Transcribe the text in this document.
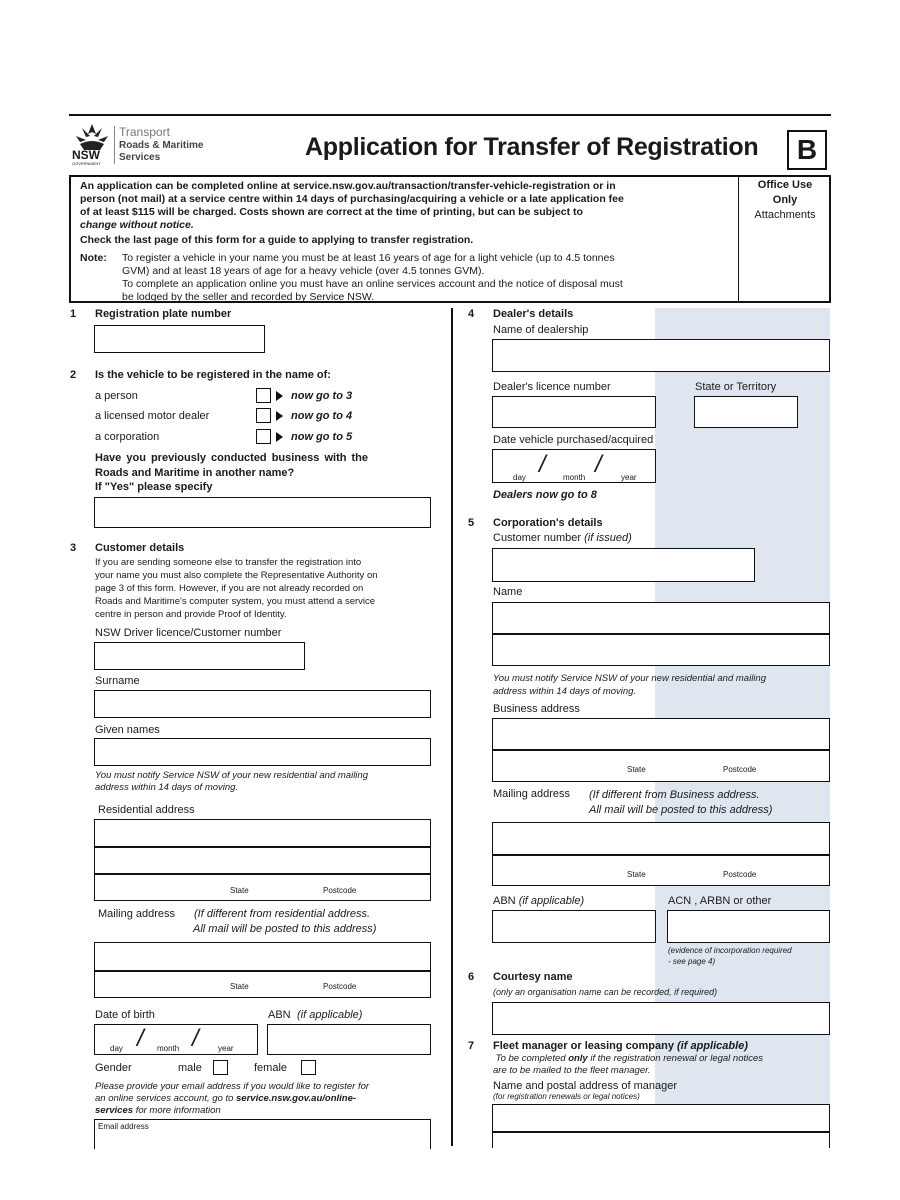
NSW
GOVERNMENT
Transport
Roads & Maritime
Services	Application for Transfer of Registration	B
An application can be completed online at service.nsw.gov.au/transaction/transfer-vehicle-registration or in
person (not mail) at a service centre within 14 days of purchasing/acquiring a vehicle or a late application fee
of at least $115 will be charged. Costs shown are correct at the time of printing, but can be subject to
change without notice.
Check the last page of this form for a guide to applying to transfer registration.
Note: To register a vehicle in your name you must be at least 16 years of age for a light vehicle (up to 4.5 tonnes
GVM) and at least 18 years of age for a heavy vehicle (over 4.5 tonnes GVM).
To complete an application online you must have an online services account and the notice of disposal must
be lodged by the seller and recorded by Service NSW.
Office Use
Only
Attachments
1 Registration plate number
2 Is the vehicle to be registered in the name of:
a person	now go to 3
a licensed motor dealer	now go to 4
a corporation	now go to 5
Have you previously conducted business with the
Roads and Maritime in another name?
If "Yes" please specify
3 Customer details
If you are sending someone else to transfer the registration into
your name you must also complete the Representative Authority on
page 3 of this form. However, if you are not already recorded on
Roads and Maritime's computer system, you must attend a service
centre in person and provide Proof of Identity.
NSW Driver licence/Customer number
Surname
Given names
You must notify Service NSW of your new residential and mailing
address within 14 days of moving.
Residential address
State	Postcode
Mailing address (If different from residential address.
All mail will be posted to this address)
State	Postcode
Date of birth
day / month / year
ABN (if applicable)
Gender	male	female
Please provide your email address if you would like to register for
an online services account, go to service.nsw.gov.au/online-
services for more information
Email address
4 Dealer's details
Name of dealership
Dealer's licence number	State or Territory
Date vehicle purchased/acquired
day / month / year
Dealers now go to 8
5 Corporation's details
Customer number (if issued)
Name
You must notify Service NSW of your new residential and mailing
address within 14 days of moving.
Business address
State	Postcode
Mailing address (If different from Business address.
All mail will be posted to this address)
State	Postcode
ABN (if applicable)	ACN , ARBN or other
(evidence of incorporation required
- see page 4)
6 Courtesy name
(only an organisation name can be recorded, if required)
7 Fleet manager or leasing company (if applicable)
To be completed only if the registration renewal or legal notices
are to be mailed to the fleet manager.
Name and postal address of manager
(for registration renewals or legal notices)
